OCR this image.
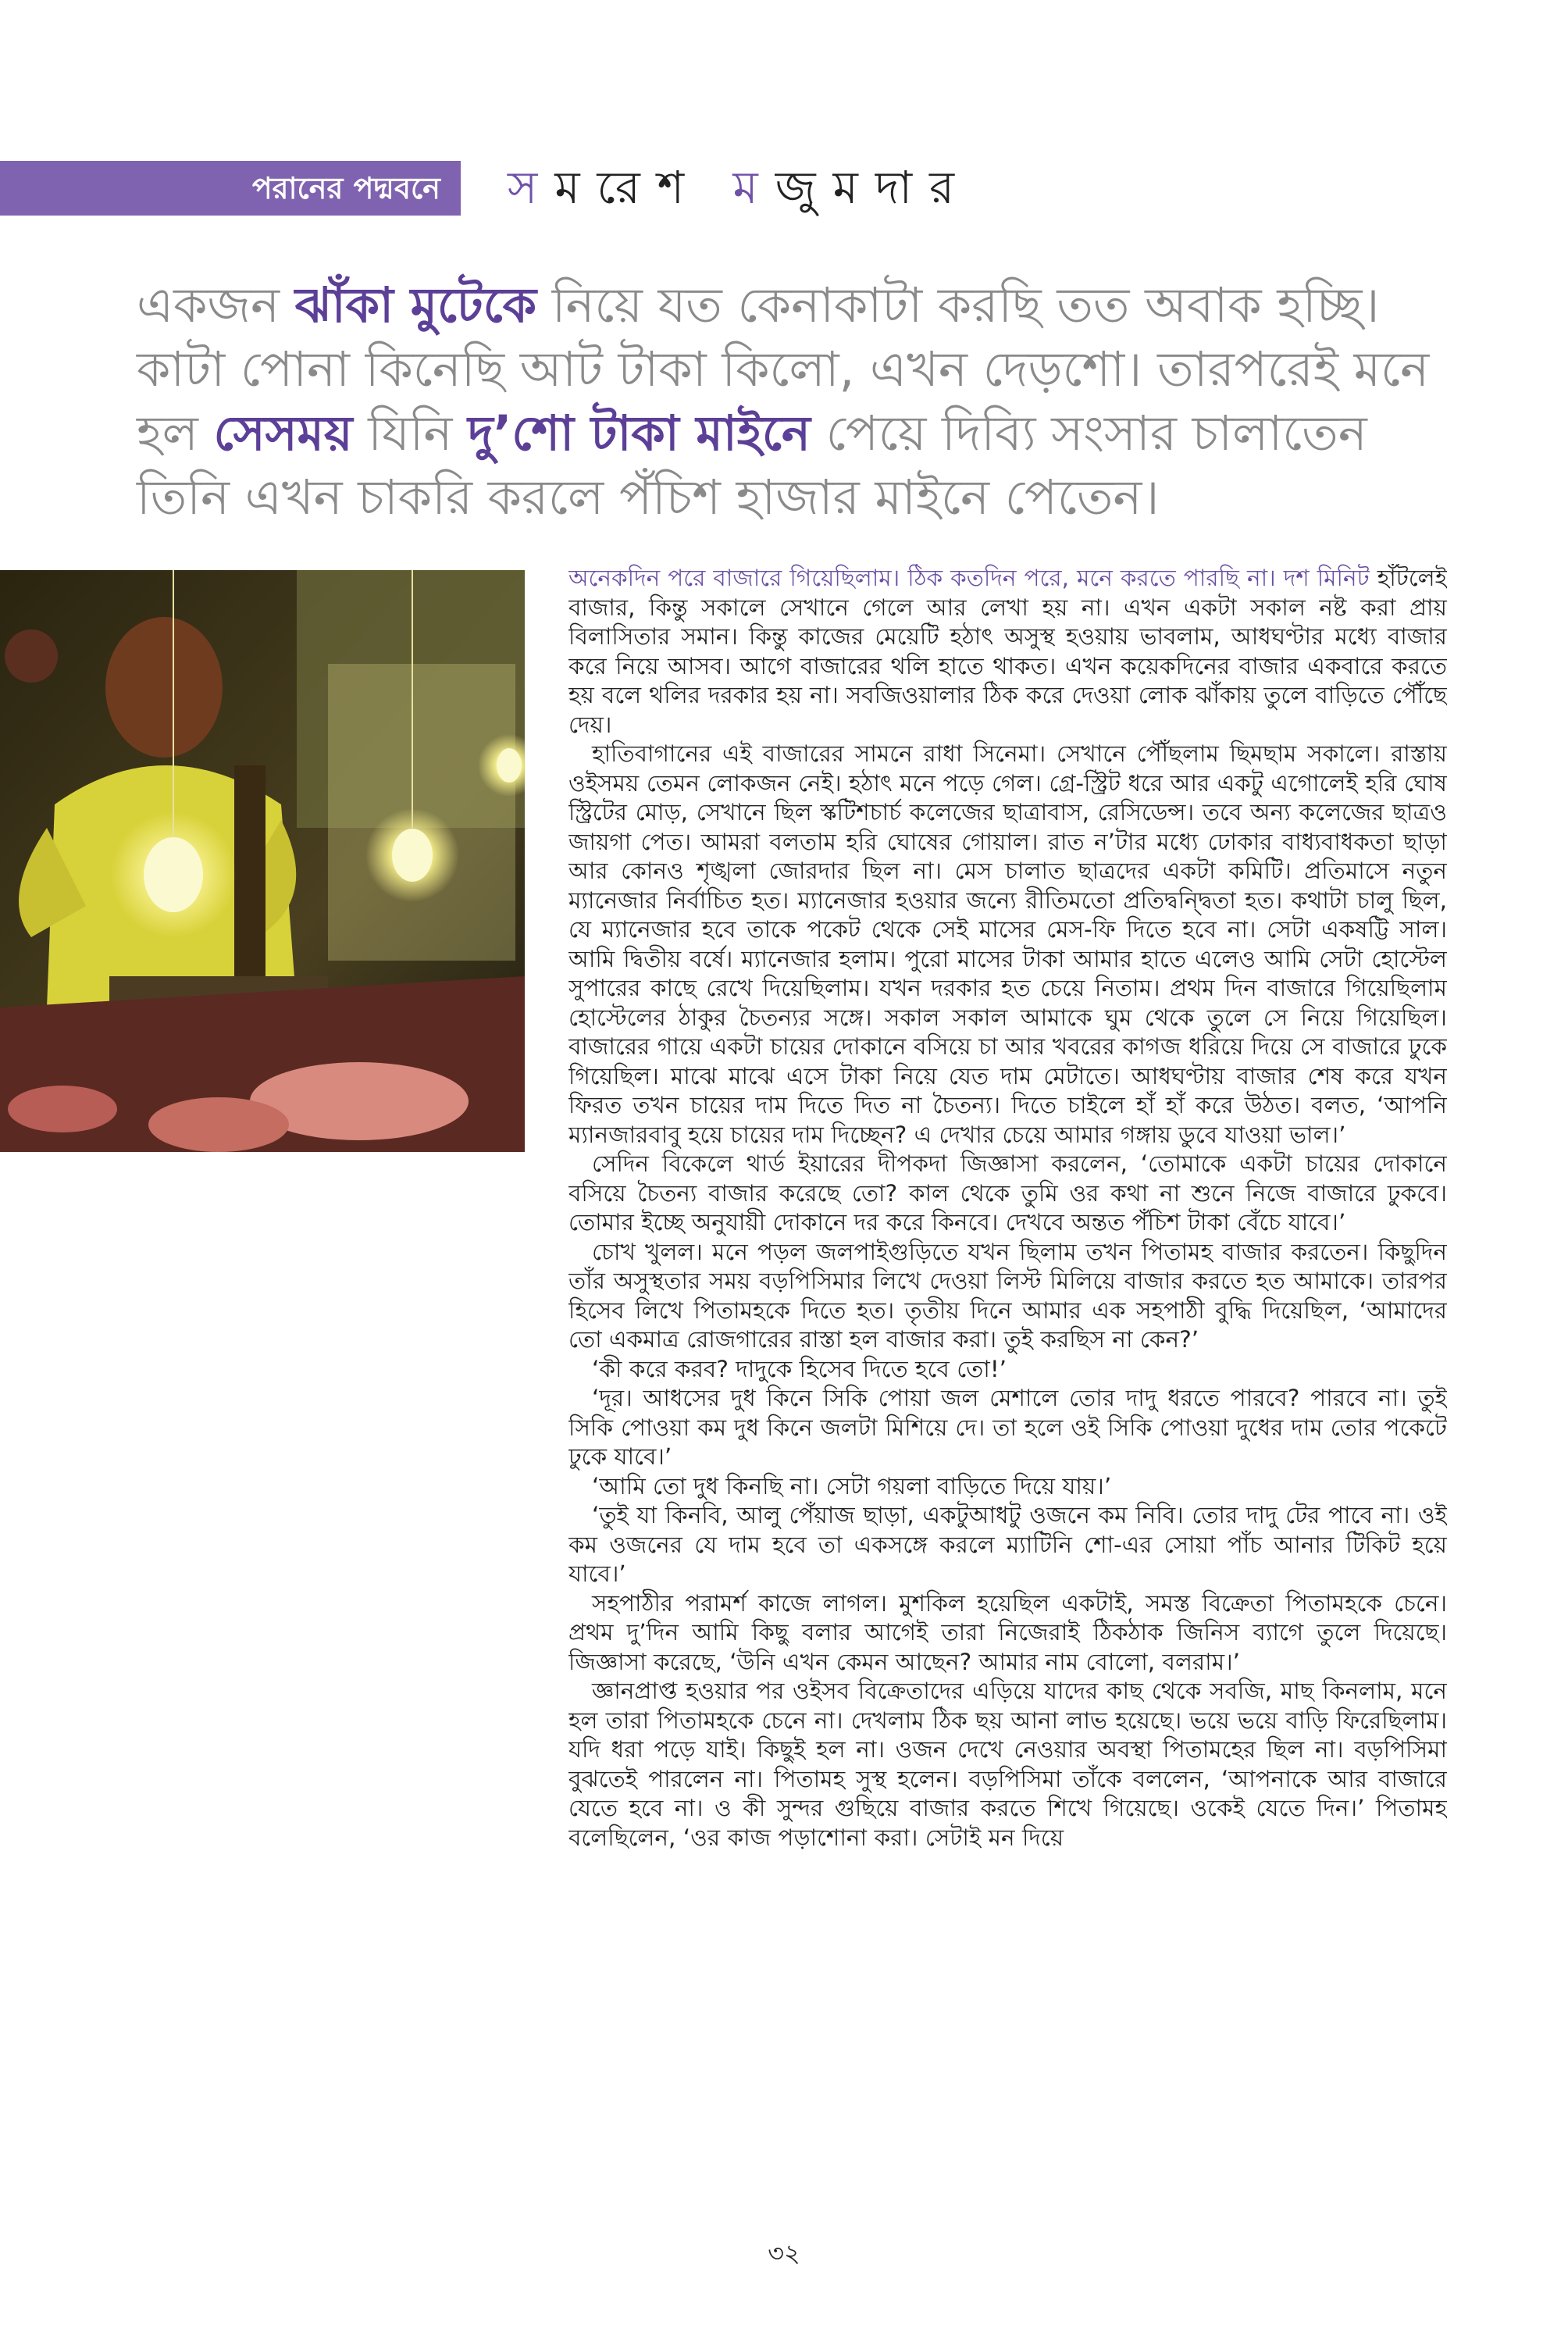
পরানের পদ্মবনে সমরেশ মজুমদার
একজন ঝাঁকা মুটেকে নিয়ে যত কেনাকাটা করছি তত অবাক হচ্ছি। কাটা পোনা কিনেছি আট টাকা কিলো, এখন দেড়শো। তারপরেই মনে হল সেসময় যিনি দু’শো টাকা মাইনে পেয়ে দিব্যি সংসার চালাতেন তিনি এখন চাকরি করলে পঁচিশ হাজার মাইনে পেতেন।

অনেকদিন পরে বাজারে গিয়েছিলাম। ঠিক কতদিন পরে, মনে করতে পারছি না। দশ মিনিট হাঁটলেই বাজার, কিন্তু সকালে সেখানে গেলে আর লেখা হয় না। এখন একটা সকাল নষ্ট করা প্রায় বিলাসিতার সমান। কিন্তু কাজের মেয়েটি হঠাৎ অসুস্থ হওয়ায় ভাবলাম, আধঘণ্টার মধ্যে বাজার করে নিয়ে আসব। আগে বাজারের থলি হাতে থাকত। এখন কয়েকদিনের বাজার একবারে করতে হয় বলে থলির দরকার হয় না। সবজিওয়ালার ঠিক করে দেওয়া লোক ঝাঁকায় তুলে বাড়িতে পৌঁছে দেয়।

হাতিবাগানের এই বাজারের সামনে রাধা সিনেমা। সেখানে পৌঁছলাম ছিমছাম সকালে। রাস্তায় ওইসময় তেমন লোকজন নেই। হঠাৎ মনে পড়ে গেল। গ্রে-স্ট্রিট ধরে আর একটু এগোলেই হরি ঘোষ স্ট্রিটের মোড়, সেখানে ছিল স্কটিশচার্চ কলেজের ছাত্রাবাস, রেসিডেন্স। তবে অন্য কলেজের ছাত্রও জায়গা পেত। আমরা বলতাম হরি ঘোষের গোয়াল। রাত ন’টার মধ্যে ঢোকার বাধ্যবাধকতা ছাড়া আর কোনও শৃঙ্খলা জোরদার ছিল না। মেস চালাত ছাত্রদের একটা কমিটি। প্রতিমাসে নতুন ম্যানেজার নির্বাচিত হত। ম্যানেজার হওয়ার জন্যে রীতিমতো প্রতিদ্বন্দ্বিতা হত। কথাটা চালু ছিল, যে ম্যানেজার হবে তাকে পকেট থেকে সেই মাসের মেস-ফি দিতে হবে না। সেটা একষট্টি সাল। আমি দ্বিতীয় বর্ষে। ম্যানেজার হলাম। পুরো মাসের টাকা আমার হাতে এলেও আমি সেটা হোস্টেল সুপারের কাছে রেখে দিয়েছিলাম। যখন দরকার হত চেয়ে নিতাম। প্রথম দিন বাজারে গিয়েছিলাম হোস্টেলের ঠাকুর চৈতন্যর সঙ্গে। সকাল সকাল আমাকে ঘুম থেকে তুলে সে নিয়ে গিয়েছিল। বাজারের গায়ে একটা চায়ের দোকানে বসিয়ে চা আর খবরের কাগজ ধরিয়ে দিয়ে সে বাজারে ঢুকে গিয়েছিল। মাঝে মাঝে এসে টাকা নিয়ে যেত দাম মেটাতে। আধঘণ্টায় বাজার শেষ করে যখন ফিরত তখন চায়ের দাম দিতে দিত না চৈতন্য। দিতে চাইলে হাঁ হাঁ করে উঠত। বলত, ‘আপনি ম্যানজারবাবু হয়ে চায়ের দাম দিচ্ছেন? এ দেখার চেয়ে আমার গঙ্গায় ডুবে যাওয়া ভাল।’

সেদিন বিকেলে থার্ড ইয়ারের দীপকদা জিজ্ঞাসা করলেন, ‘তোমাকে একটা চায়ের দোকানে বসিয়ে চৈতন্য বাজার করেছে তো? কাল থেকে তুমি ওর কথা না শুনে নিজে বাজারে ঢুকবে। তোমার ইচ্ছে অনুযায়ী দোকানে দর করে কিনবে। দেখবে অন্তত পঁচিশ টাকা বেঁচে যাবে।’

চোখ খুলল। মনে পড়ল জলপাইগুড়িতে যখন ছিলাম তখন পিতামহ বাজার করতেন। কিছুদিন তাঁর অসুস্থতার সময় বড়পিসিমার লিখে দেওয়া লিস্ট মিলিয়ে বাজার করতে হত আমাকে। তারপর হিসেব লিখে পিতামহকে দিতে হত। তৃতীয় দিনে আমার এক সহপাঠী বুদ্ধি দিয়েছিল, ‘আমাদের তো একমাত্র রোজগারের রাস্তা হল বাজার করা। তুই করছিস না কেন?’

‘কী করে করব? দাদুকে হিসেব দিতে হবে তো!’

‘দূর। আধসের দুধ কিনে সিকি পোয়া জল মেশালে তোর দাদু ধরতে পারবে? পারবে না। তুই সিকি পোওয়া কম দুধ কিনে জলটা মিশিয়ে দে। তা হলে ওই সিকি পোওয়া দুধের দাম তোর পকেটে ঢুকে যাবে।’

‘আমি তো দুধ কিনছি না। সেটা গয়লা বাড়িতে দিয়ে যায়।’

‘তুই যা কিনবি, আলু পেঁয়াজ ছাড়া, একটুআধটু ওজনে কম নিবি। তোর দাদু টের পাবে না। ওই কম ওজনের যে দাম হবে তা একসঙ্গে করলে ম্যাটিনি শো-এর সোয়া পাঁচ আনার টিকিট হয়ে যাবে।’

সহপাঠীর পরামর্শ কাজে লাগল। মুশকিল হয়েছিল একটাই, সমস্ত বিক্রেতা পিতামহকে চেনে। প্রথম দু’দিন আমি কিছু বলার আগেই তারা নিজেরাই ঠিকঠাক জিনিস ব্যাগে তুলে দিয়েছে। জিজ্ঞাসা করেছে, ‘উনি এখন কেমন আছেন? আমার নাম বোলো, বলরাম।’

জ্ঞানপ্রাপ্ত হওয়ার পর ওইসব বিক্রেতাদের এড়িয়ে যাদের কাছ থেকে সবজি, মাছ কিনলাম, মনে হল তারা পিতামহকে চেনে না। দেখলাম ঠিক ছয় আনা লাভ হয়েছে। ভয়ে ভয়ে বাড়ি ফিরেছিলাম। যদি ধরা পড়ে যাই। কিছুই হল না। ওজন দেখে নেওয়ার অবস্থা পিতামহের ছিল না। বড়পিসিমা বুঝতেই পারলেন না। পিতামহ সুস্থ হলেন। বড়পিসিমা তাঁকে বললেন, ‘আপনাকে আর বাজারে যেতে হবে না। ও কী সুন্দর গুছিয়ে বাজার করতে শিখে গিয়েছে। ওকেই যেতে দিন।’ পিতামহ বলেছিলেন, ‘ওর কাজ পড়াশোনা করা। সেটাই মন দিয়ে

৩২
